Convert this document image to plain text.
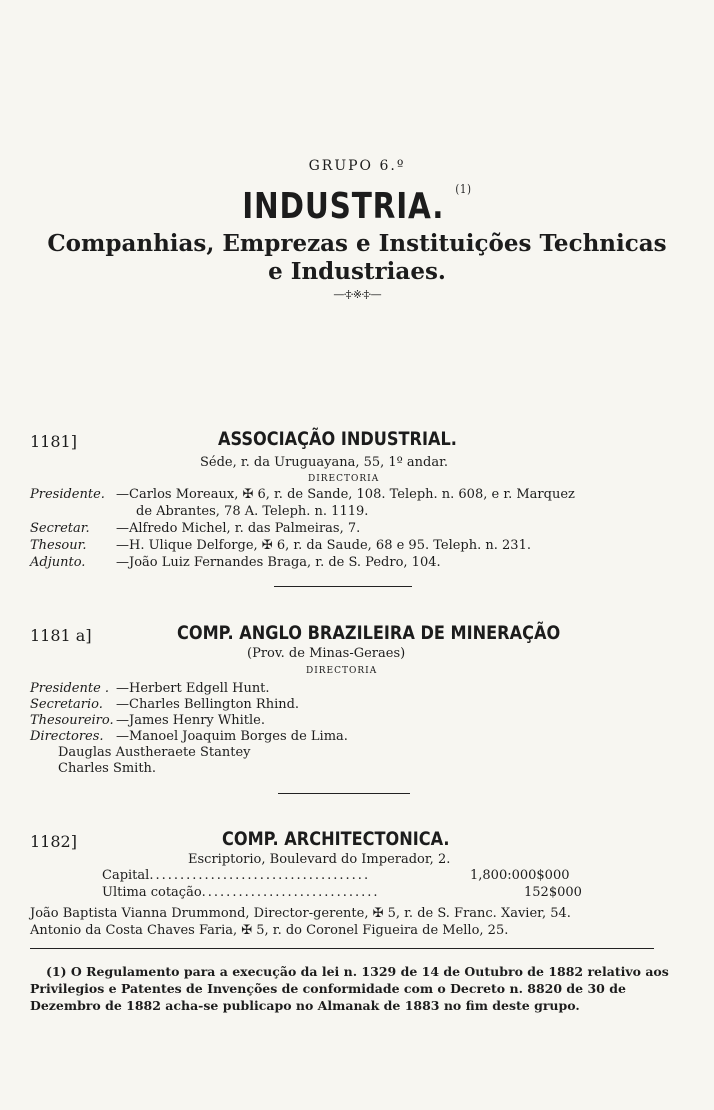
GRUPO 6.º
INDUSTRIA. $^{(1)}$
Companhias, Emprezas e Instituições Technicas
e Industriaes.
—·‡·※·‡·—
1181]	ASSOCIAÇÃO INDUSTRIAL.
Séde, r. da Uruguayana, 55, 1º andar.
DIRECTORIA
Presidente. —Carlos Moreaux, ✠ 6, r. de Sande, 108. Teleph. n. 608, e r. Marquez
de Abrantes, 78 A. Teleph. n. 1119.
Secretar. —Alfredo Michel, r. das Palmeiras, 7.
Thesour. —H. Ulique Delforge, ✠ 6, r. da Saude, 68 e 95. Teleph. n. 231.
Adjunto. —João Luiz Fernandes Braga, r. de S. Pedro, 104.
1181 a]	COMP. ANGLO BRAZILEIRA DE MINERAÇÃO
(Prov. de Minas-Geraes)
DIRECTORIA
Presidente . —Herbert Edgell Hunt.
Secretario. —Charles Bellington Rhind.
Thesoureiro. —James Henry Whitle.
Directores. —Manoel Joaquim Borges de Lima.
Dauglas Austheraete Stantey
Charles Smith.
1182]	COMP. ARCHITECTONICA.
Escriptorio, Boulevard do Imperador, 2.
Capital....................................	1,800:000$000
Ultima cotação.............................	152$000
João Baptista Vianna Drummond, Director-gerente, ✠ 5, r. de S. Franc. Xavier, 54.
Antonio da Costa Chaves Faria, ✠ 5, r. do Coronel Figueira de Mello, 25.
(1) O Regulamento para a execução da lei n. 1329 de 14 de Outubro de 1882 relativo aos Privilegios e Patentes de Invenções de conformidade com o Decreto n. 8820 de 30 de Dezembro de 1882 acha-se publicapo no Almanak de 1883 no fim deste grupo.
